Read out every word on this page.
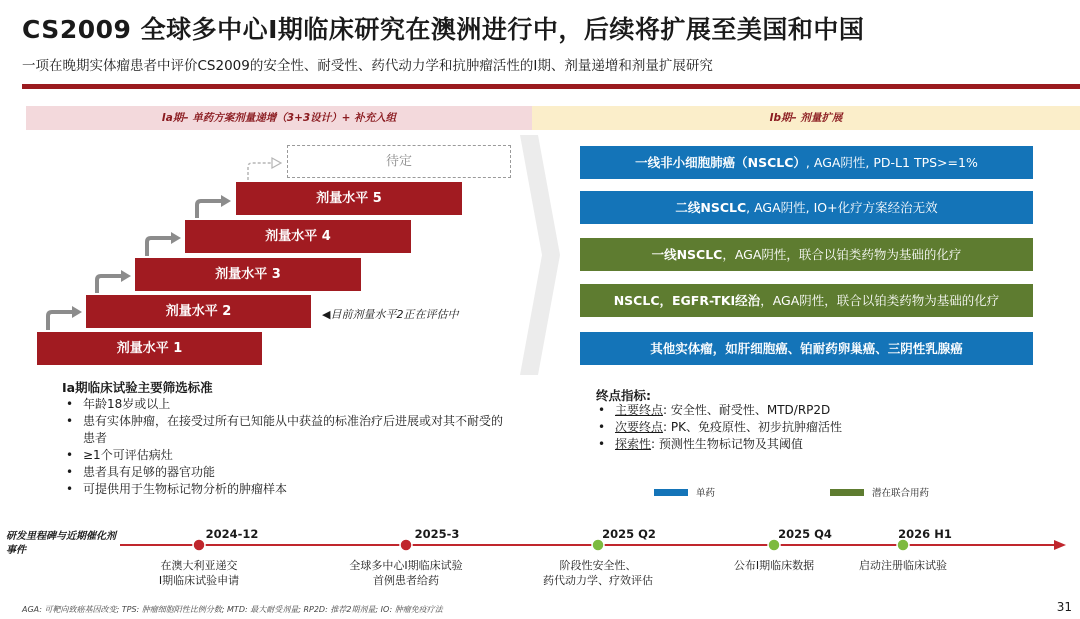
CS2009 全球多中心I期临床研究在澳洲进行中，后续将扩展至美国和中国
一项在晚期实体瘤患者中评价CS2009的安全性、耐受性、药代动力学和抗肿瘤活性的I期、剂量递增和剂量扩展研究
Ia期– 单药方案剂量递增（3+3设计）+ 补充入组	Ib期– 剂量扩展
待定
剂量水平 5
剂量水平 4
剂量水平 3
剂量水平 2
剂量水平 1
◀目前剂量水平2正在评估中
一线非小细胞肺癌（NSCLC）, AGA阴性, PD-L1 TPS>=1%
二线NSCLC, AGA阴性, IO+化疗方案经治无效
一线NSCLC，AGA阴性，联合以铂类药物为基础的化疗
NSCLC，EGFR-TKI经治，AGA阴性，联合以铂类药物为基础的化疗
其他实体瘤，如肝细胞癌、铂耐药卵巢癌、三阴性乳腺癌
Ia期临床试验主要筛选标准
• 年龄18岁或以上
• 患有实体肿瘤，在接受过所有已知能从中获益的标准治疗后进展或对其不耐受的患者
• ≥1个可评估病灶
• 患者具有足够的器官功能
• 可提供用于生物标记物分析的肿瘤样本
终点指标:
• 主要终点: 安全性、耐受性、MTD/RP2D
• 次要终点: PK、免疫原性、初步抗肿瘤活性
• 探索性: 预测性生物标记物及其阈值
单药	潜在联合用药
研发里程碑与近期催化剂事件
2024-12	2025-3	2025 Q2	2025 Q4	2026 H1
在澳大利亚递交
I期临床试验申请
全球多中心I期临床试验
首例患者给药
阶段性安全性、
药代动力学、疗效评估
公布I期临床数据	启动注册临床试验
AGA: 可靶向致癌基因改变; TPS: 肿瘤细胞阳性比例分数; MTD: 最大耐受剂量; RP2D: 推荐2期剂量; IO: 肿瘤免疫疗法	31
